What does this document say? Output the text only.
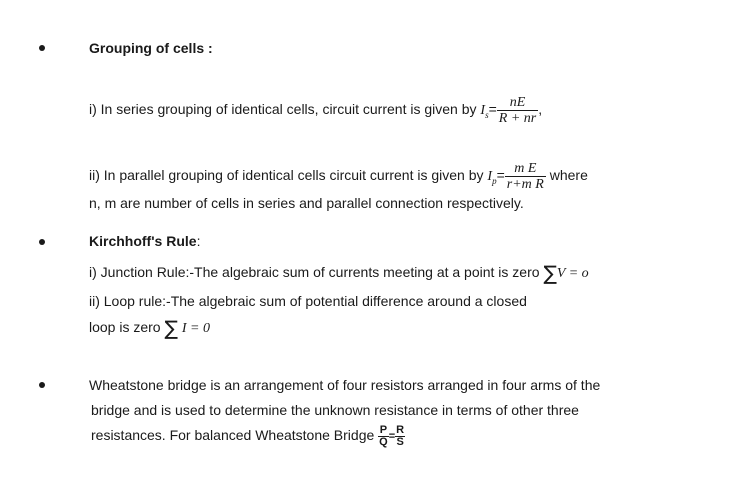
Grouping of cells :
i) In series grouping of identical cells, circuit current is given by $I_s= \frac{nE}{R + nr}$ ,
ii) In parallel grouping of identical cells circuit current is given by $I_p= \frac{\text{m E}}{\text{r+m R}}$ where
n, m are number of cells in series and parallel connection respectively.
Kirchhoff's Rule:
i) Junction Rule:-The algebraic sum of currents meeting at a point is zero ∑V = o
ii) Loop rule:-The algebraic sum of potential difference around a closed
loop is zero ∑ I = 0
Wheatstone bridge is an arrangement of four resistors arranged in four arms of the
bridge and is used to determine the unknown resistance in terms of other three
resistances. For balanced Wheatstone Bridge $\frac{P}{Q} = \frac{R}{S}$
